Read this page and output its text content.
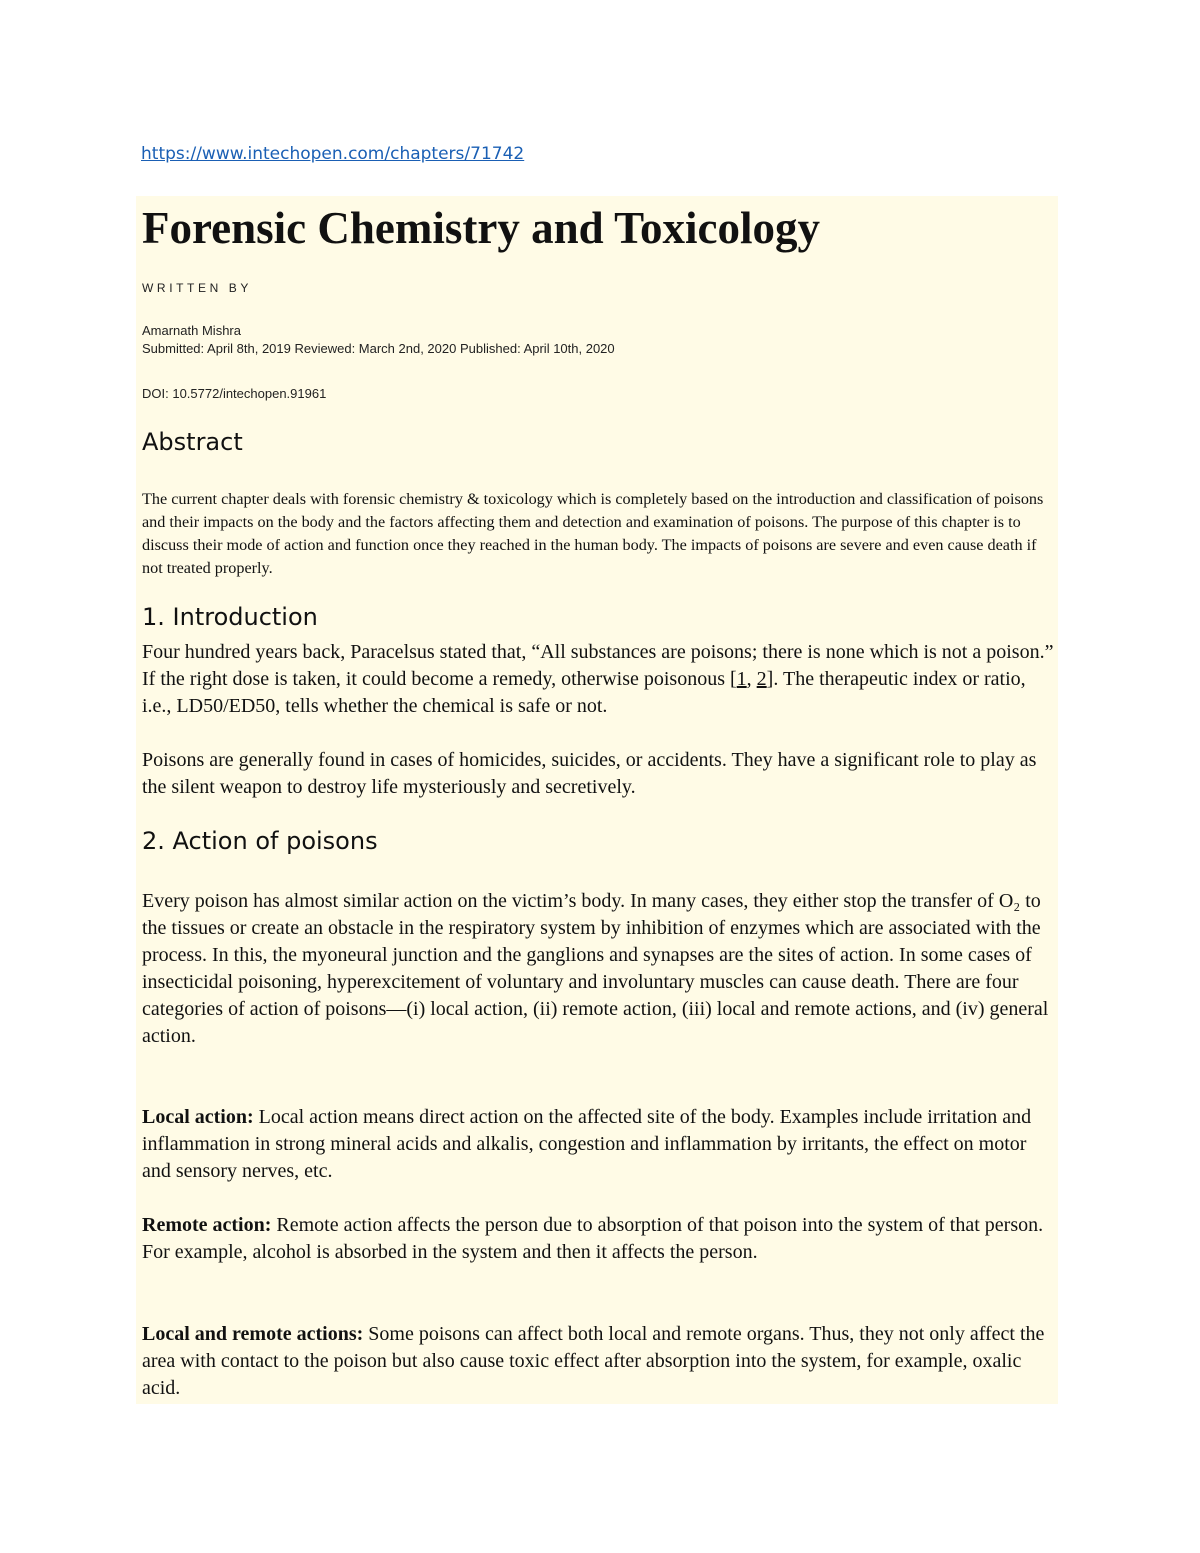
https://www.intechopen.com/chapters/71742
Forensic Chemistry and Toxicology
WRITTEN BY
Amarnath Mishra
Submitted: April 8th, 2019 Reviewed: March 2nd, 2020 Published: April 10th, 2020
DOI: 10.5772/intechopen.91961
Abstract

The current chapter deals with forensic chemistry & toxicology which is completely based on the introduction and classification of poisons and their impacts on the body and the factors affecting them and detection and examination of poisons. The purpose of this chapter is to discuss their mode of action and function once they reached in the human body. The impacts of poisons are severe and even cause death if not treated properly.

1. Introduction

Four hundred years back, Paracelsus stated that, “All substances are poisons; there is none which is not a poison.” If the right dose is taken, it could become a remedy, otherwise poisonous [1, 2]. The therapeutic index or ratio, i.e., LD50/ED50, tells whether the chemical is safe or not.

Poisons are generally found in cases of homicides, suicides, or accidents. They have a significant role to play as the silent weapon to destroy life mysteriously and secretively.

2. Action of poisons

Every poison has almost similar action on the victim’s body. In many cases, they either stop the transfer of O₂ to the tissues or create an obstacle in the respiratory system by inhibition of enzymes which are associated with the process. In this, the myoneural junction and the ganglions and synapses are the sites of action. In some cases of insecticidal poisoning, hyperexcitement of voluntary and involuntary muscles can cause death. There are four categories of action of poisons—(i) local action, (ii) remote action, (iii) local and remote actions, and (iv) general action.

Local action: Local action means direct action on the affected site of the body. Examples include irritation and inflammation in strong mineral acids and alkalis, congestion and inflammation by irritants, the effect on motor and sensory nerves, etc.

Remote action: Remote action affects the person due to absorption of that poison into the system of that person. For example, alcohol is absorbed in the system and then it affects the person.

Local and remote actions: Some poisons can affect both local and remote organs. Thus, they not only affect the area with contact to the poison but also cause toxic effect after absorption into the system, for example, oxalic acid.
